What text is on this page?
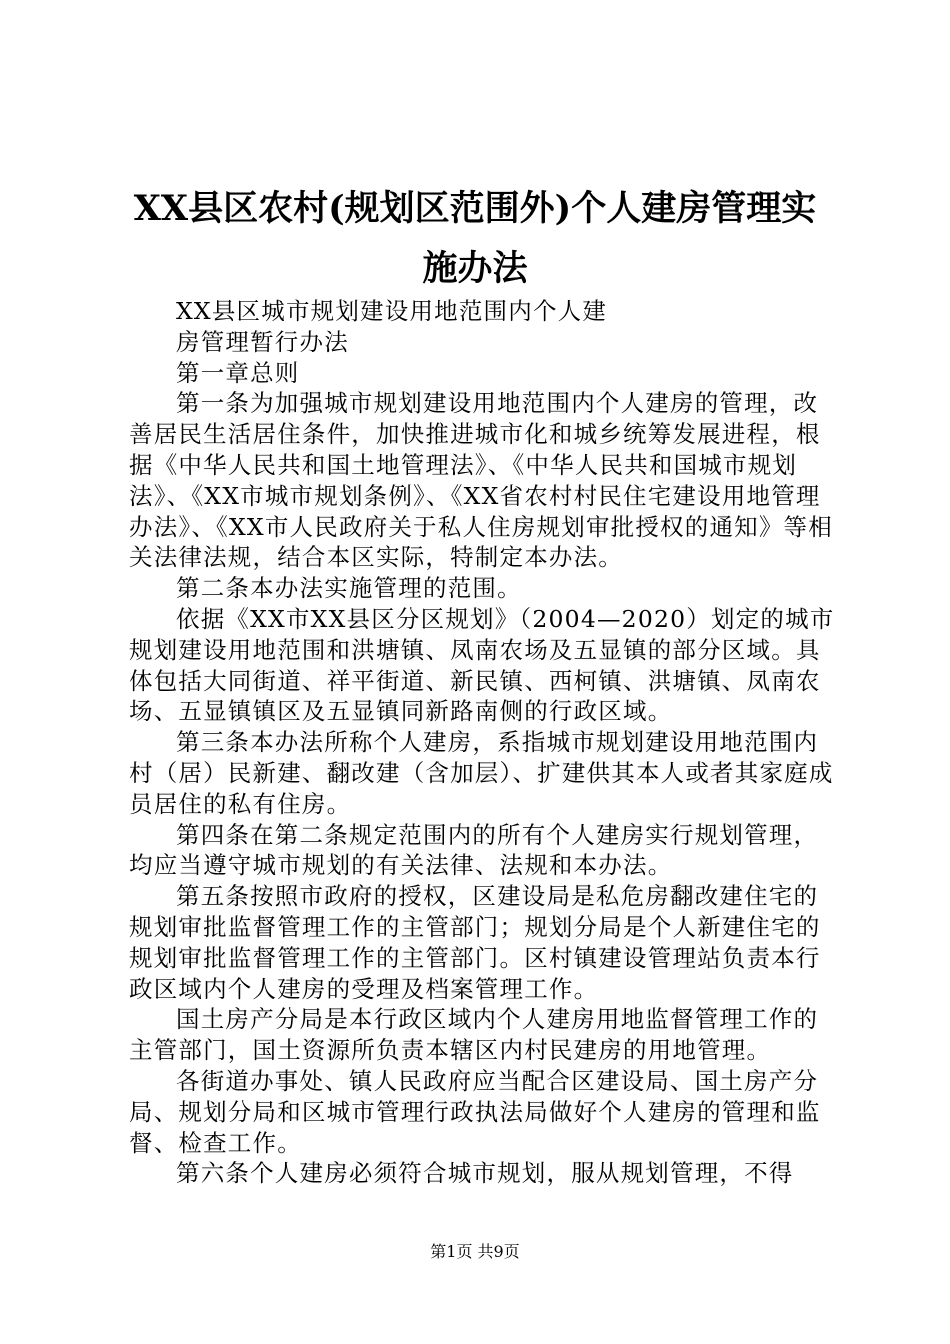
XX县区农村(规划区范围外)个人建房管理实
施办法

XX县区城市规划建设用地范围内个人建

房管理暂行办法

第一章总则

第一条为加强城市规划建设用地范围内个人建房的管理，改善居民生活居住条件，加快推进城市化和城乡统筹发展进程，根据《中华人民共和国土地管理法》、《中华人民共和国城市规划法》、《XX市城市规划条例》、《XX省农村村民住宅建设用地管理办法》、《XX市人民政府关于私人住房规划审批授权的通知》等相关法律法规，结合本区实际，特制定本办法。

第二条本办法实施管理的范围。

依据《XX市XX县区分区规划》（2004—2020）划定的城市规划建设用地范围和洪塘镇、凤南农场及五显镇的部分区域。具体包括大同街道、祥平街道、新民镇、西柯镇、洪塘镇、凤南农场、五显镇镇区及五显镇同新路南侧的行政区域。

第三条本办法所称个人建房，系指城市规划建设用地范围内村（居）民新建、翻改建（含加层）、扩建供其本人或者其家庭成员居住的私有住房。

第四条在第二条规定范围内的所有个人建房实行规划管理，均应当遵守城市规划的有关法律、法规和本办法。

第五条按照市政府的授权，区建设局是私危房翻改建住宅的规划审批监督管理工作的主管部门；规划分局是个人新建住宅的规划审批监督管理工作的主管部门。区村镇建设管理站负责本行政区域内个人建房的受理及档案管理工作。

国土房产分局是本行政区域内个人建房用地监督管理工作的主管部门，国土资源所负责本辖区内村民建房的用地管理。

各街道办事处、镇人民政府应当配合区建设局、国土房产分局、规划分局和区城市管理行政执法局做好个人建房的管理和监督、检查工作。

第六条个人建房必须符合城市规划，服从规划管理，不得

第1页 共9页
